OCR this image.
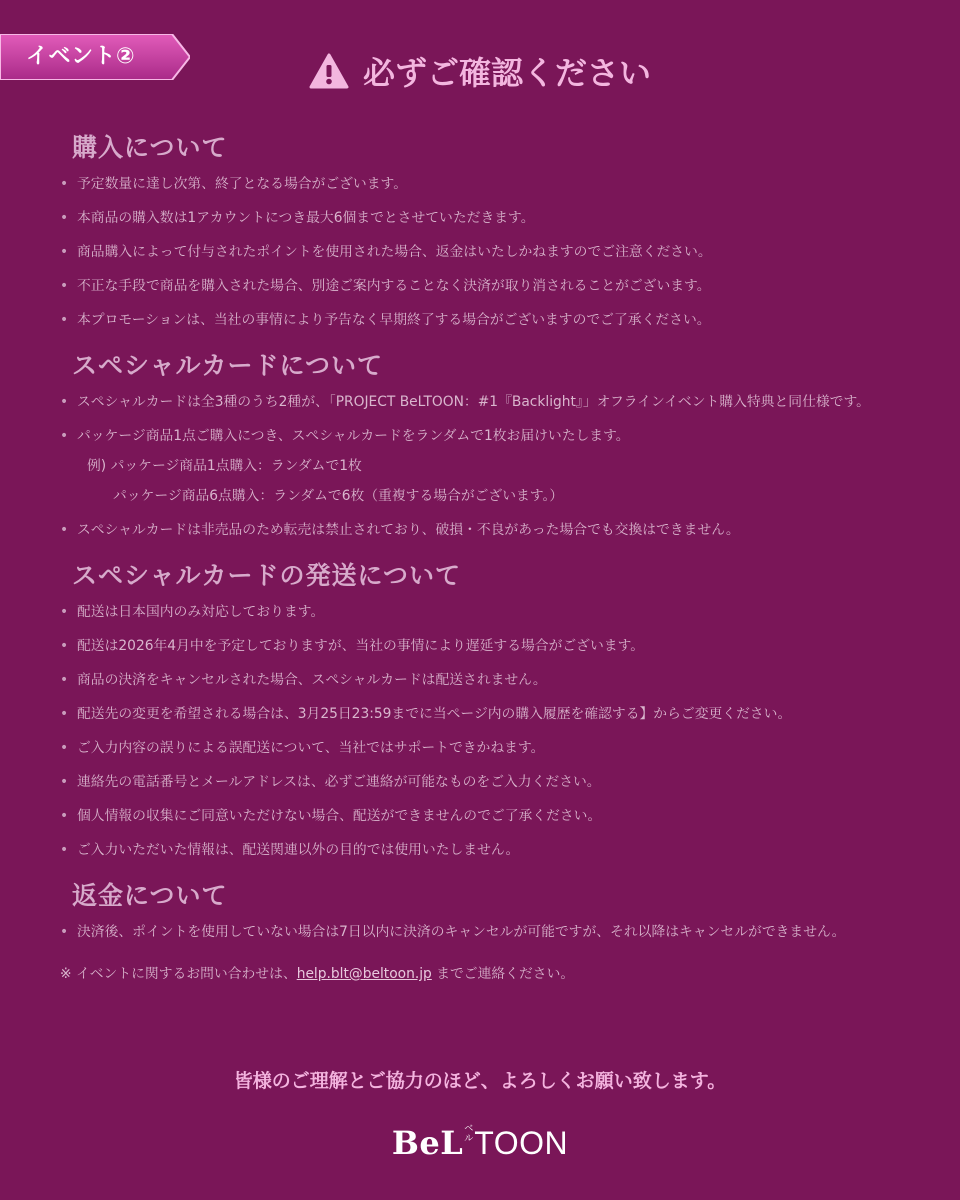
イベント②	必ずご確認ください
購入について
• 予定数量に達し次第、終了となる場合がございます。
• 本商品の購入数は1アカウントにつき最大6個までとさせていただきます。
• 商品購入によって付与されたポイントを使用された場合、返金はいたしかねますのでご注意ください。
• 不正な手段で商品を購入された場合、別途ご案内することなく決済が取り消されることがございます。
• 本プロモーションは、当社の事情により予告なく早期終了する場合がございますのでご了承ください。
スペシャルカードについて
• スペシャルカードは全3種のうち2種が、「PROJECT BeLTOON：#1『Backlight』」オフラインイベント購入特典と同仕様です。
• パッケージ商品1点ご購入につき、スペシャルカードをランダムで1枚お届けいたします。
例) パッケージ商品1点購入：ランダムで1枚
パッケージ商品6点購入：ランダムで6枚（重複する場合がございます。）
• スペシャルカードは非売品のため転売は禁止されており、破損・不良があった場合でも交換はできません。
スペシャルカードの発送について
• 配送は日本国内のみ対応しております。
• 配送は2026年4月中を予定しておりますが、当社の事情により遅延する場合がございます。
• 商品の決済をキャンセルされた場合、スペシャルカードは配送されません。
• 配送先の変更を希望される場合は、3月25日23:59までに当ページ内の購入履歴を確認する】からご変更ください。
• ご入力内容の誤りによる誤配送について、当社ではサポートできかねます。
• 連絡先の電話番号とメールアドレスは、必ずご連絡が可能なものをご入力ください。
• 個人情報の収集にご同意いただけない場合、配送ができませんのでご了承ください。
• ご入力いただいた情報は、配送関連以外の目的では使用いたしません。
返金について
• 決済後、ポイントを使用していない場合は7日以内に決済のキャンセルが可能ですが、それ以降はキャンセルができません。
※ イベントに関するお問い合わせは、help.blt@beltoon.jp までご連絡ください。
皆様のご理解とご協力のほど、よろしくお願い致します。
BeLベルTOON
